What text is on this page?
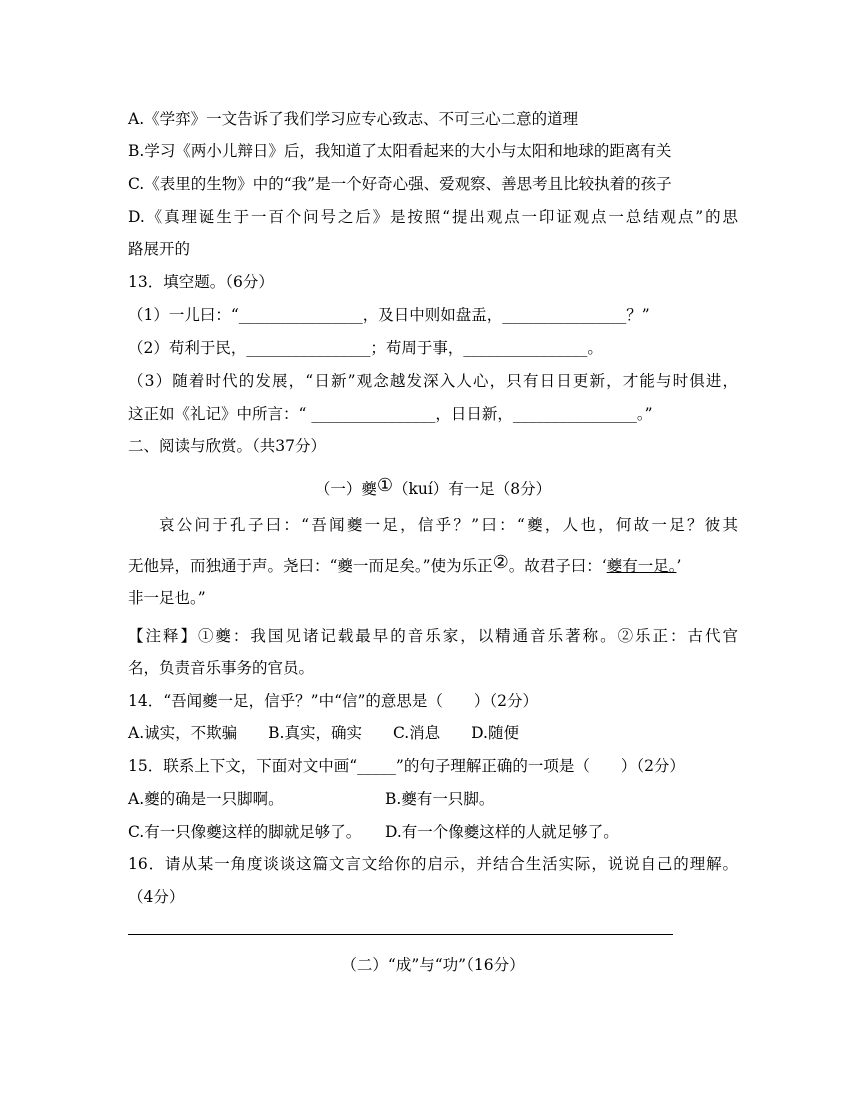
A.《学弈》一文告诉了我们学习应专心致志、不可三心二意的道理
B.学习《两小儿辩日》后，我知道了太阳看起来的大小与太阳和地球的距离有关
C.《表里的生物》中的“我”是一个好奇心强、爱观察、善思考且比较执着的孩子
D.《真理诞生于一百个问号之后》是按照“提出观点一印证观点一总结观点”的思
路展开的
13．填空题。（6分）
（1）一儿曰：“________________，及日中则如盘盂，________________？”
（2）苟利于民，________________；苟周于事，________________。
（3）随着时代的发展，“日新”观念越发深入人心，只有日日更新，才能与时俱进，
这正如《礼记》中所言：“ ________________，日日新，________________。”
二、阅读与欣赏。（共37分）
（一）夔①（kuí）有一足（8分）
哀公问于孔子曰：“吾闻夔一足，信乎？”曰：“夔，人也，何故一足？彼其
无他异，而独通于声。尧曰：“夔一而足矣。”使为乐正②。故君子曰：‘夔有一足。’
非一足也。”
【注释】①夔：我国见诸记载最早的音乐家，以精通音乐著称。②乐正：古代官
名，负责音乐事务的官员。
14．“吾闻夔一足，信乎？”中“信”的意思是（　　）（2分）
A.诚实，不欺骗　　B.真实，确实　　C.消息　　D.随便
15．联系上下文，下面对文中画“_____”的句子理解正确的一项是（　　）（2分）
A.夔的确是一只脚啊。	B.夔有一只脚。
C.有一只像夔这样的脚就足够了。	D.有一个像夔这样的人就足够了。
16．请从某一角度谈谈这篇文言文给你的启示，并结合生活实际，说说自己的理解。
（4分）
（二）“成”与“功”（16分）
